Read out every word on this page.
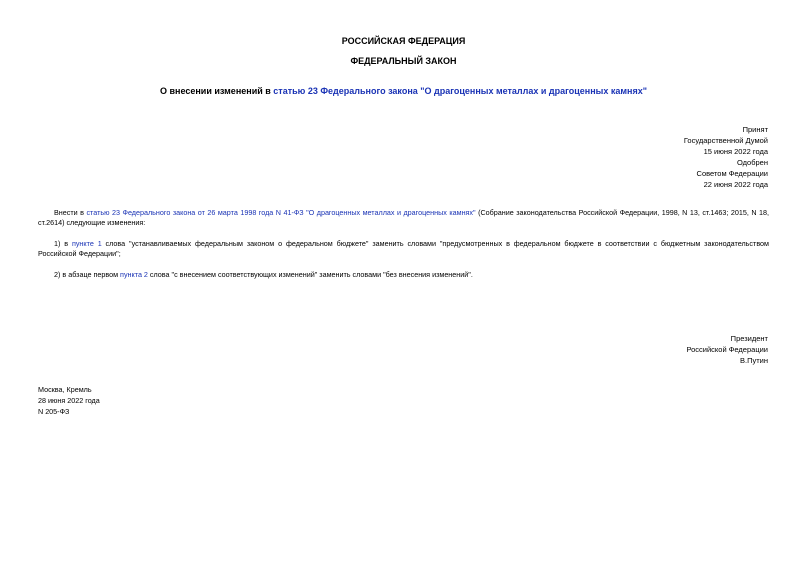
РОССИЙСКАЯ ФЕДЕРАЦИЯ
ФЕДЕРАЛЬНЫЙ ЗАКОН
О внесении изменений в статью 23 Федерального закона "О драгоценных металлах и драгоценных камнях"
Принят
Государственной Думой
15 июня 2022 года
Одобрен
Советом Федерации
22 июня 2022 года
Внести в статью 23 Федерального закона от 26 марта 1998 года N 41-ФЗ "О драгоценных металлах и драгоценных камнях" (Собрание законодательства Российской Федерации, 1998, N 13, ст.1463; 2015, N 18, ст.2614) следующие изменения:
1) в пункте 1 слова "устанавливаемых федеральным законом о федеральном бюджете" заменить словами "предусмотренных в федеральном бюджете в соответствии с бюджетным законодательством Российской Федерации";
2) в абзаце первом пункта 2 слова "с внесением соответствующих изменений" заменить словами "без внесения изменений".
Президент
Российской Федерации
В.Путин
Москва, Кремль
28 июня 2022 года
N 205-ФЗ
